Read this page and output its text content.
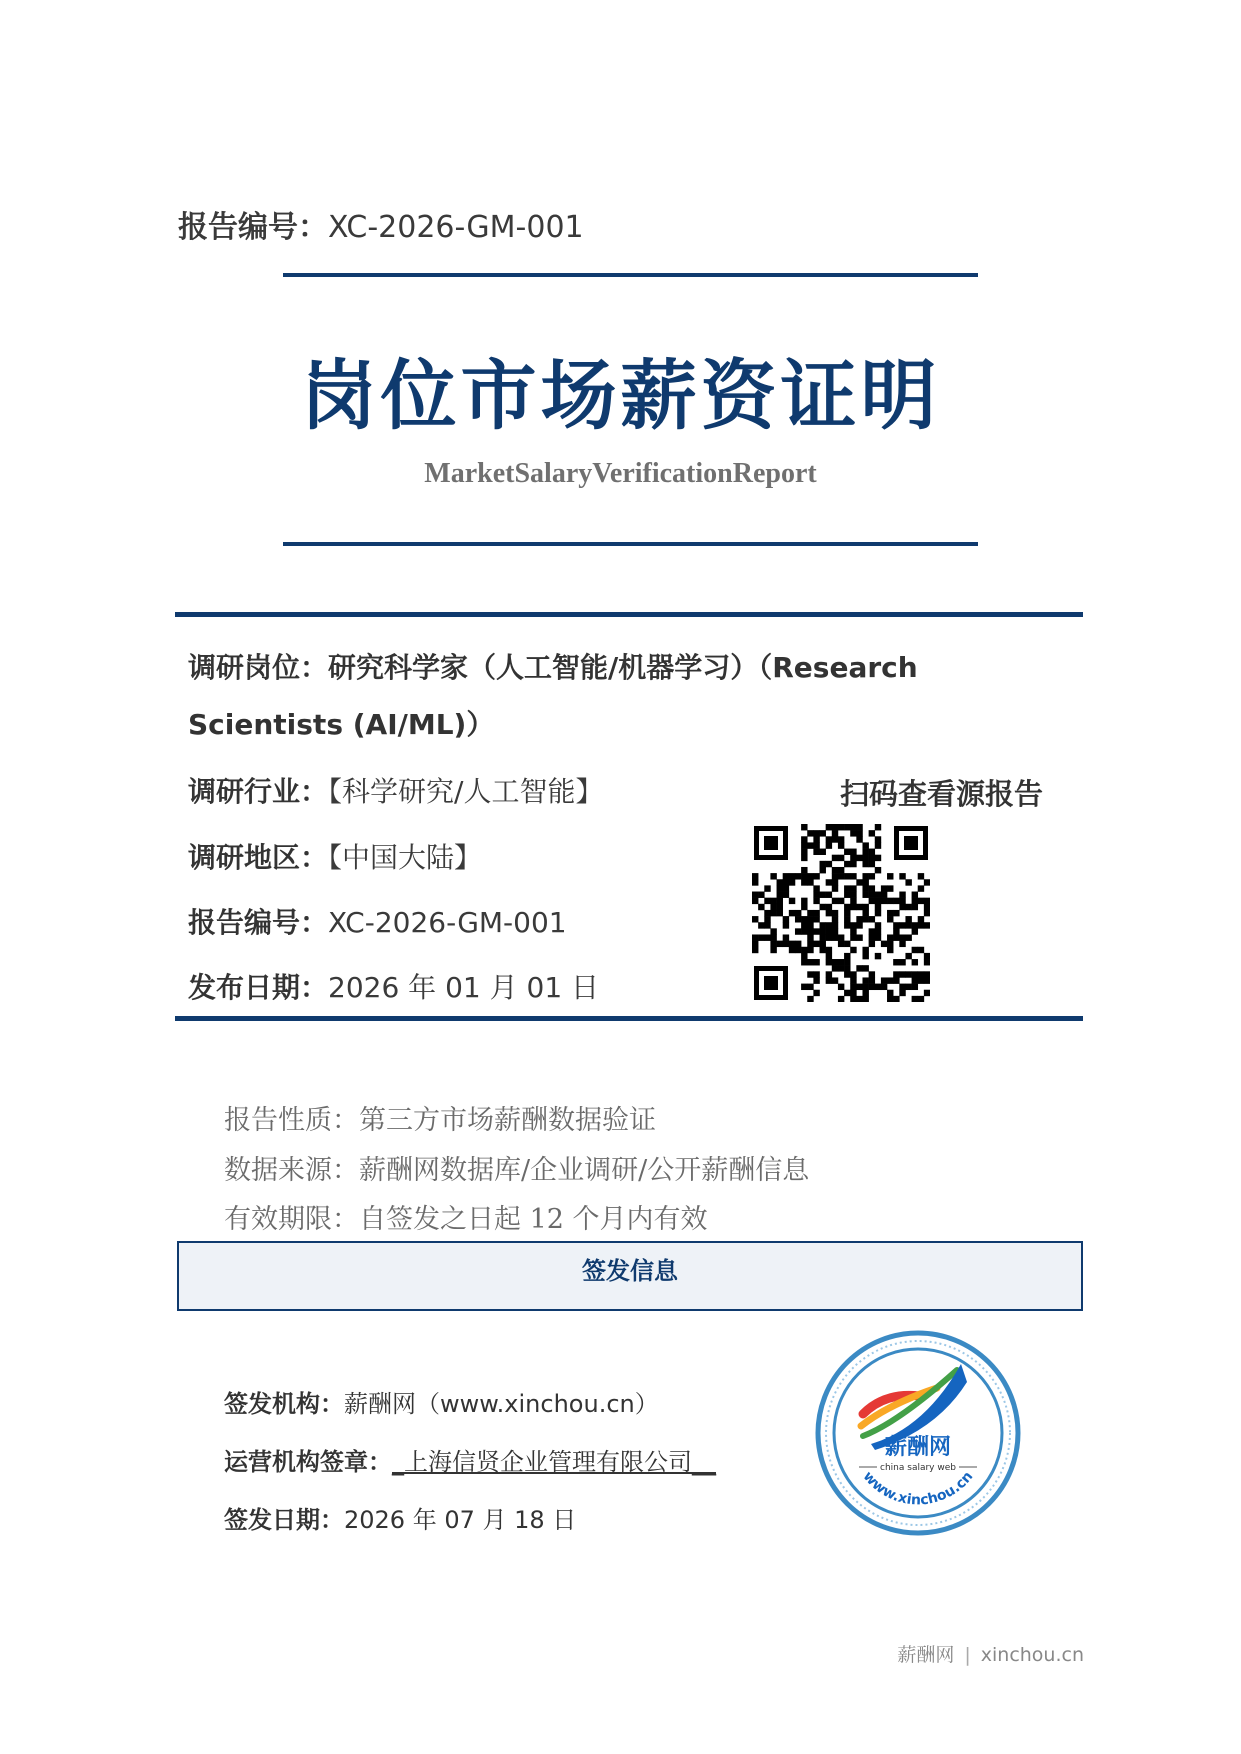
报告编号：XC-2026-GM-001
岗位市场薪资证明
MarketSalaryVerificationReport
调研岗位：研究科学家（人工智能/机器学习）（Research
Scientists (AI/ML)）
调研行业：【科学研究/人工智能】
调研地区：【中国大陆】
报告编号：XC-2026-GM-001
发布日期：2026 年 01 月 01 日
扫码查看源报告
报告性质：第三方市场薪酬数据验证
数据来源：薪酬网数据库/企业调研/公开薪酬信息
有效期限：自签发之日起 12 个月内有效
签发信息
签发机构：薪酬网（www.xinchou.cn）
运营机构签章：_上海信贤企业管理有限公司__
签发日期：2026 年 07 月 18 日
薪酬网
china salary web
www.xinchou.cn
薪酬网 | xinchou.cn
